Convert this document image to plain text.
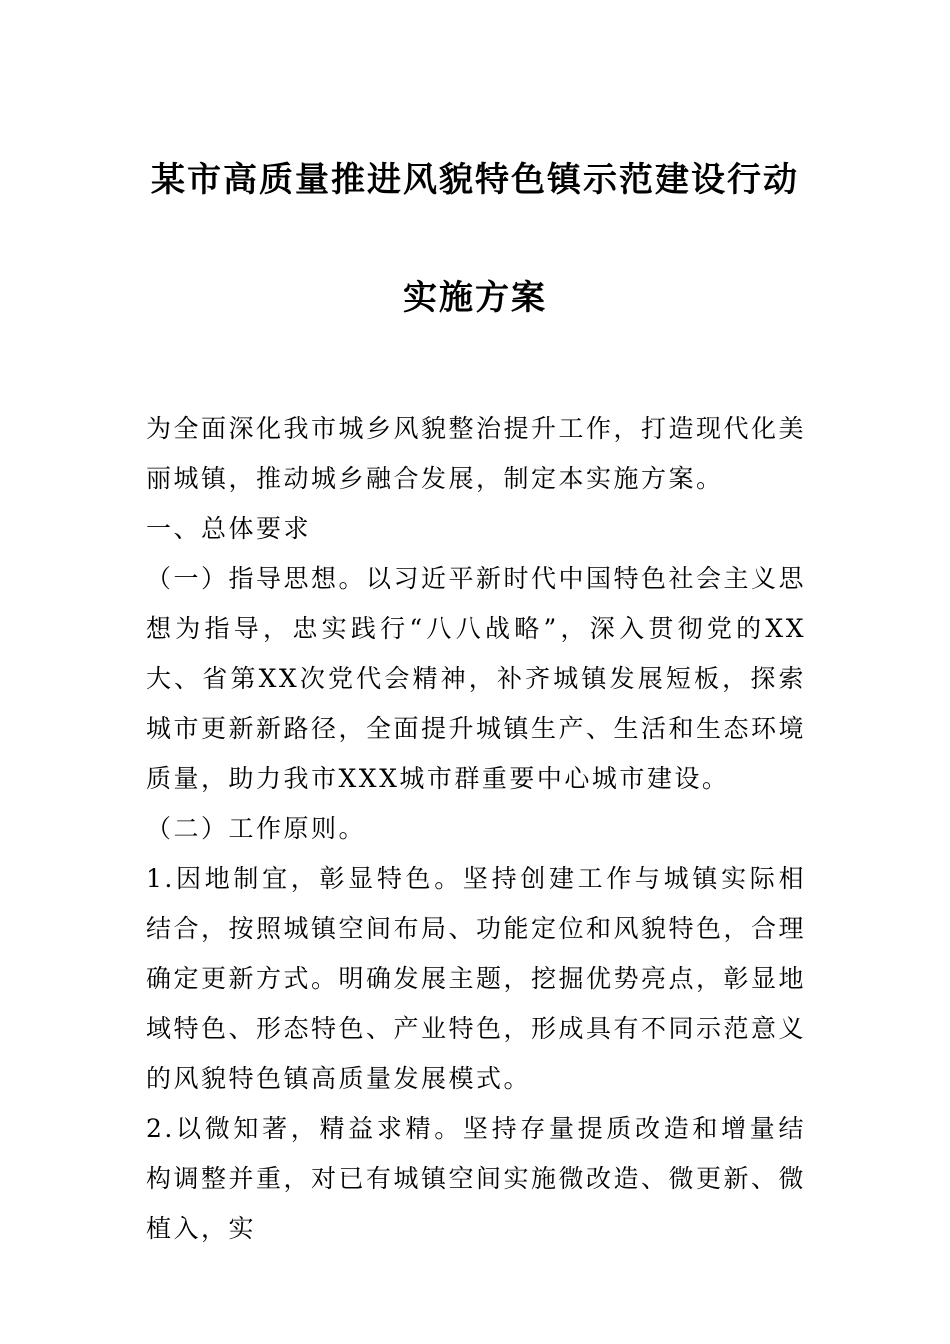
某市高质量推进风貌特色镇示范建设行动
实施方案

为全面深化我市城乡风貌整治提升工作，打造现代化美丽城镇，推动城乡融合发展，制定本实施方案。

一、总体要求

（一）指导思想。以习近平新时代中国特色社会主义思想为指导，忠实践行“八八战略”，深入贯彻党的XX大、省第XX次党代会精神，补齐城镇发展短板，探索城市更新新路径，全面提升城镇生产、生活和生态环境质量，助力我市XXX城市群重要中心城市建设。

（二）工作原则。

1.因地制宜，彰显特色。坚持创建工作与城镇实际相结合，按照城镇空间布局、功能定位和风貌特色，合理确定更新方式。明确发展主题，挖掘优势亮点，彰显地域特色、形态特色、产业特色，形成具有不同示范意义的风貌特色镇高质量发展模式。

2.以微知著，精益求精。坚持存量提质改造和增量结构调整并重，对已有城镇空间实施微改造、微更新、微植入，实
